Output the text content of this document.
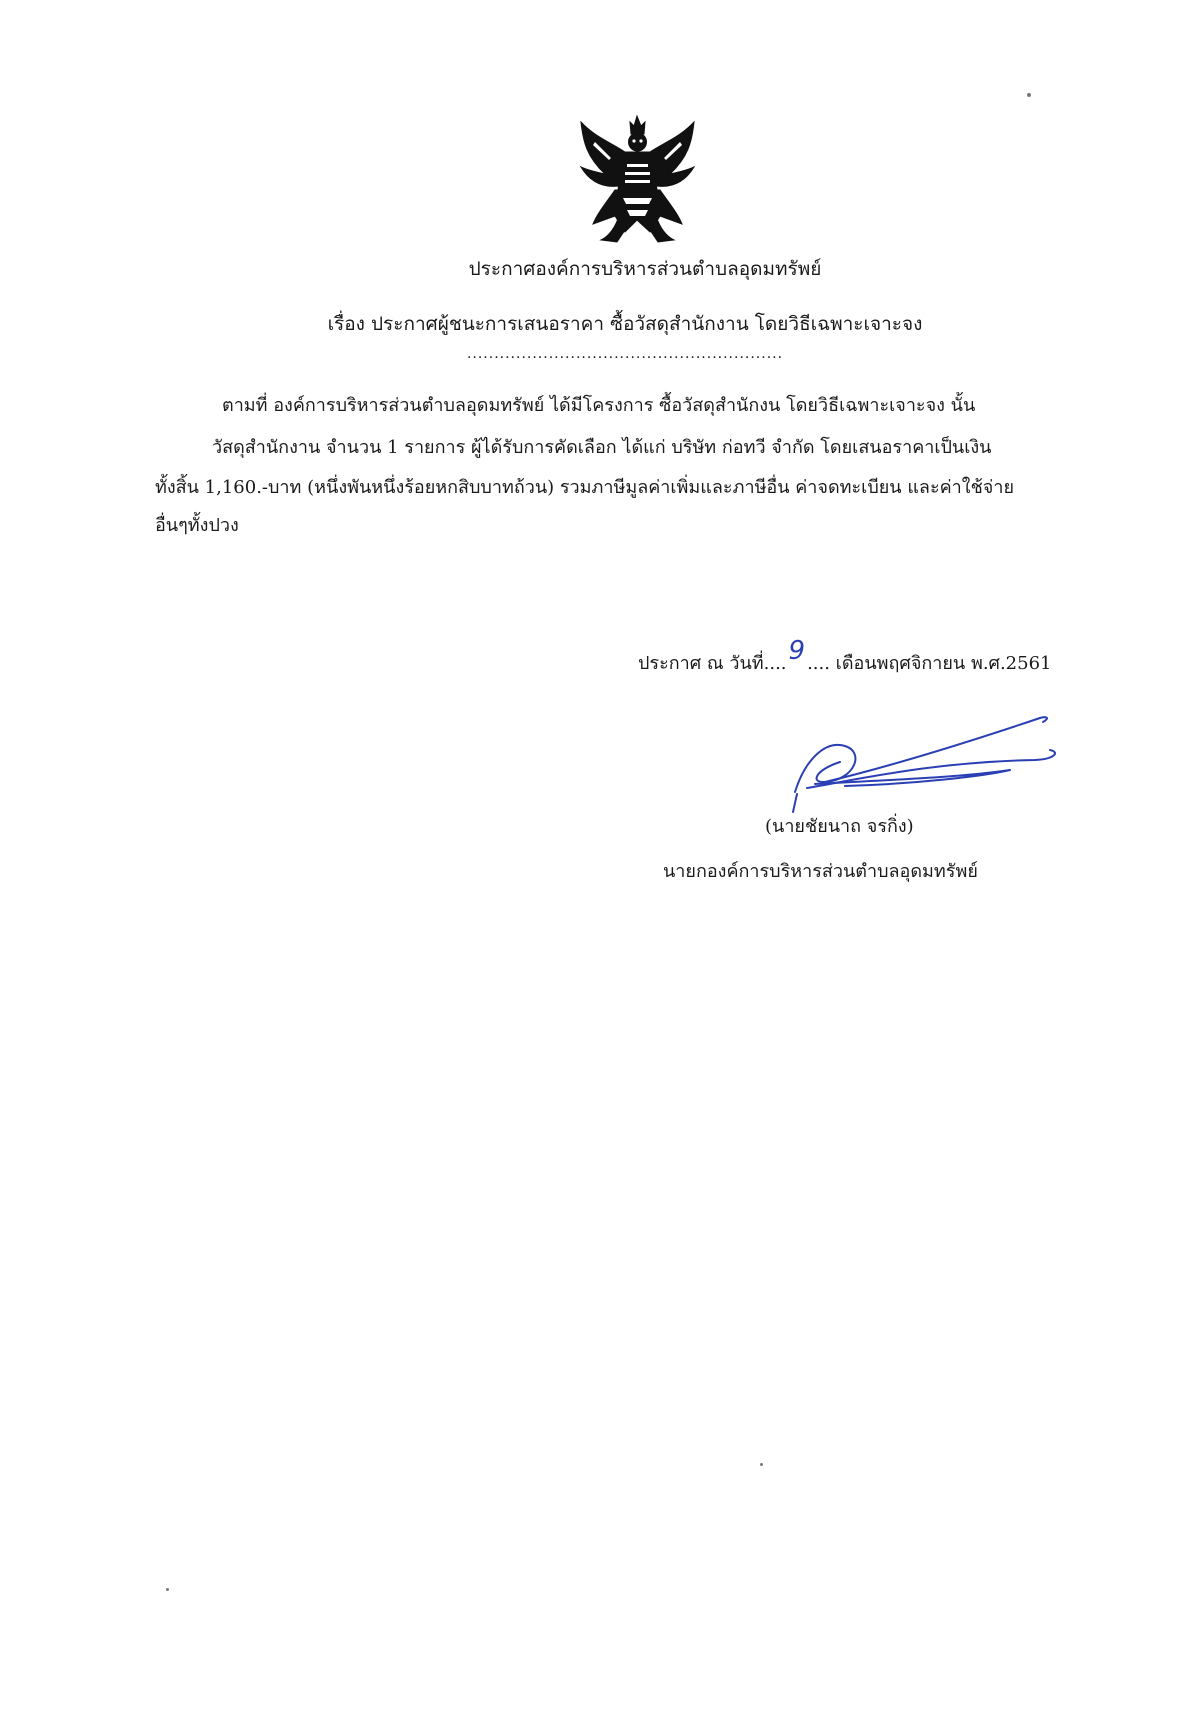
ประกาศองค์การบริหารส่วนตำบลอุดมทรัพย์
เรื่อง ประกาศผู้ชนะการเสนอราคา ซื้อวัสดุสำนักงาน โดยวิธีเฉพาะเจาะจง
..........................................................
ตามที่ องค์การบริหารส่วนตำบลอุดมทรัพย์ ได้มีโครงการ ซื้อวัสดุสำนักงน โดยวิธีเฉพาะเจาะจง นั้น
วัสดุสำนักงาน จำนวน 1 รายการ ผู้ได้รับการคัดเลือก ได้แก่ บริษัท ก่อทวี จำกัด โดยเสนอราคาเป็นเงิน
ทั้งสิ้น 1,160.-บาท (หนึ่งพันหนึ่งร้อยหกสิบบาทถ้วน) รวมภาษีมูลค่าเพิ่มและภาษีอื่น ค่าจดทะเบียน และค่าใช้จ่าย
อื่นๆทั้งปวง
ประกาศ ณ วันที่....9 .... เดือนพฤศจิกายน พ.ศ.2561
(นายชัยนาถ จรกิ่ง)
นายกองค์การบริหารส่วนตำบลอุดมทรัพย์
